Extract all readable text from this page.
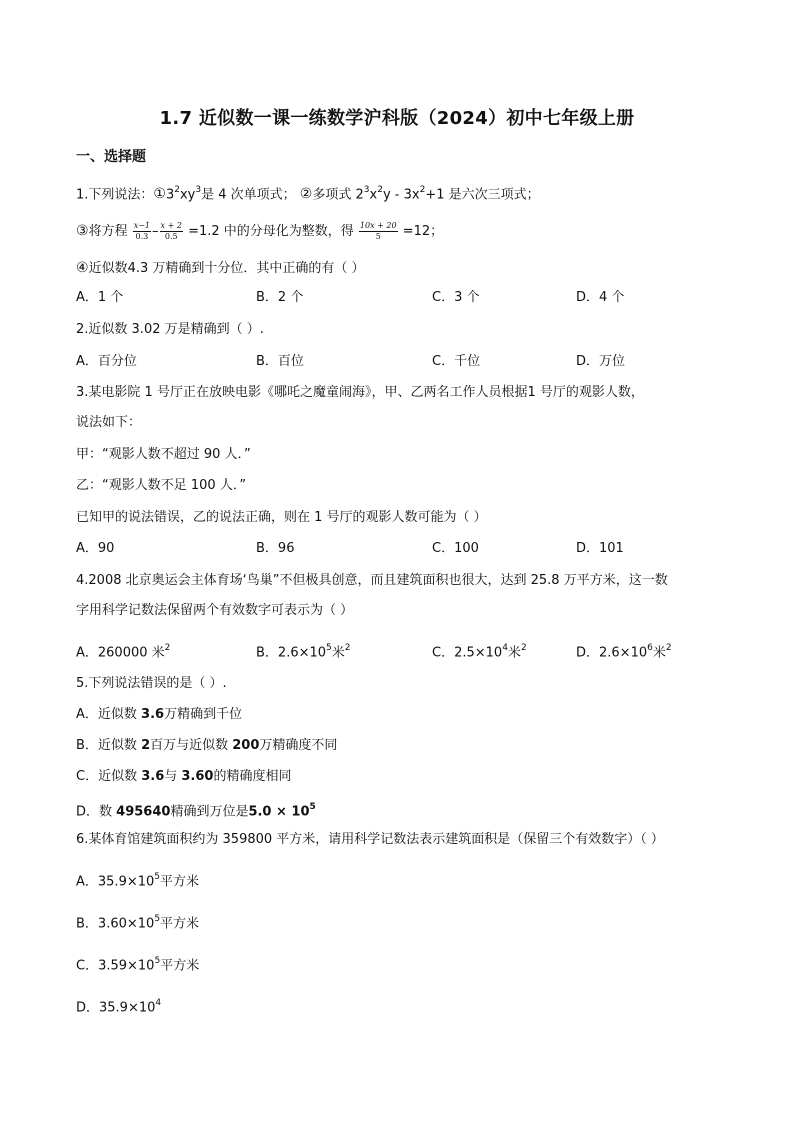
1.7 近似数一课一练数学沪科版（2024）初中七年级上册
一、选择题
1.下列说法：$①3^2xy^3$是 4 次单项式； ②多项式 $2^3x^2y - 3x^2+1$ 是六次三项式；
③将方程 $\frac{x-1}{0.3} - \frac{x + 2}{0.5} =1.2$ 中的分母化为整数，得 $\frac{10x + 20}{5} =12$；
④近似数4.3 万精确到十分位．其中正确的有（ ）
A．1 个	B．2 个	C．3 个	D．4 个
2.近似数 3.02 万是精确到（ ）.
A．百分位	B．百位	C．千位	D．万位
3.某电影院 1 号厅正在放映电影《哪吒之魔童闹海》，甲、乙两名工作人员根据1 号厅的观影人数，
说法如下：
甲：“观影人数不超过 90 人．”
乙：“观影人数不足 100 人．”
已知甲的说法错误，乙的说法正确，则在 1 号厅的观影人数可能为（ ）
A．90	B．96	C．100	D．101
4.2008 北京奥运会主体育场‘鸟巢”不但极具创意，而且建筑面积也很大，达到 25.8 万平方米，这一数
字用科学记数法保留两个有效数字可表示为（ ）
A．260000 米$^2$	B．$2.6\times 10^5$米$^2$	C．$2.5\times 10^4$米$^2$	D．$2.6\times 10^6$米$^2$
5.下列说法错误的是（ ）.
A．近似数 3.6万精确到千位
B．近似数 2百万与近似数 200万精确度不同
C．近似数 3.6与 3.60的精确度相同
D．数 495640精确到万位是$5.0 \times 10^5$
6.某体育馆建筑面积约为 359800 平方米，请用科学记数法表示建筑面积是（保留三个有效数字）（ ）
A．$35.9\times 10^5$平方米
B．$3.60\times 10^5$平方米
C．$3.59\times 10^5$平方米
D．$35.9\times 10^4$
